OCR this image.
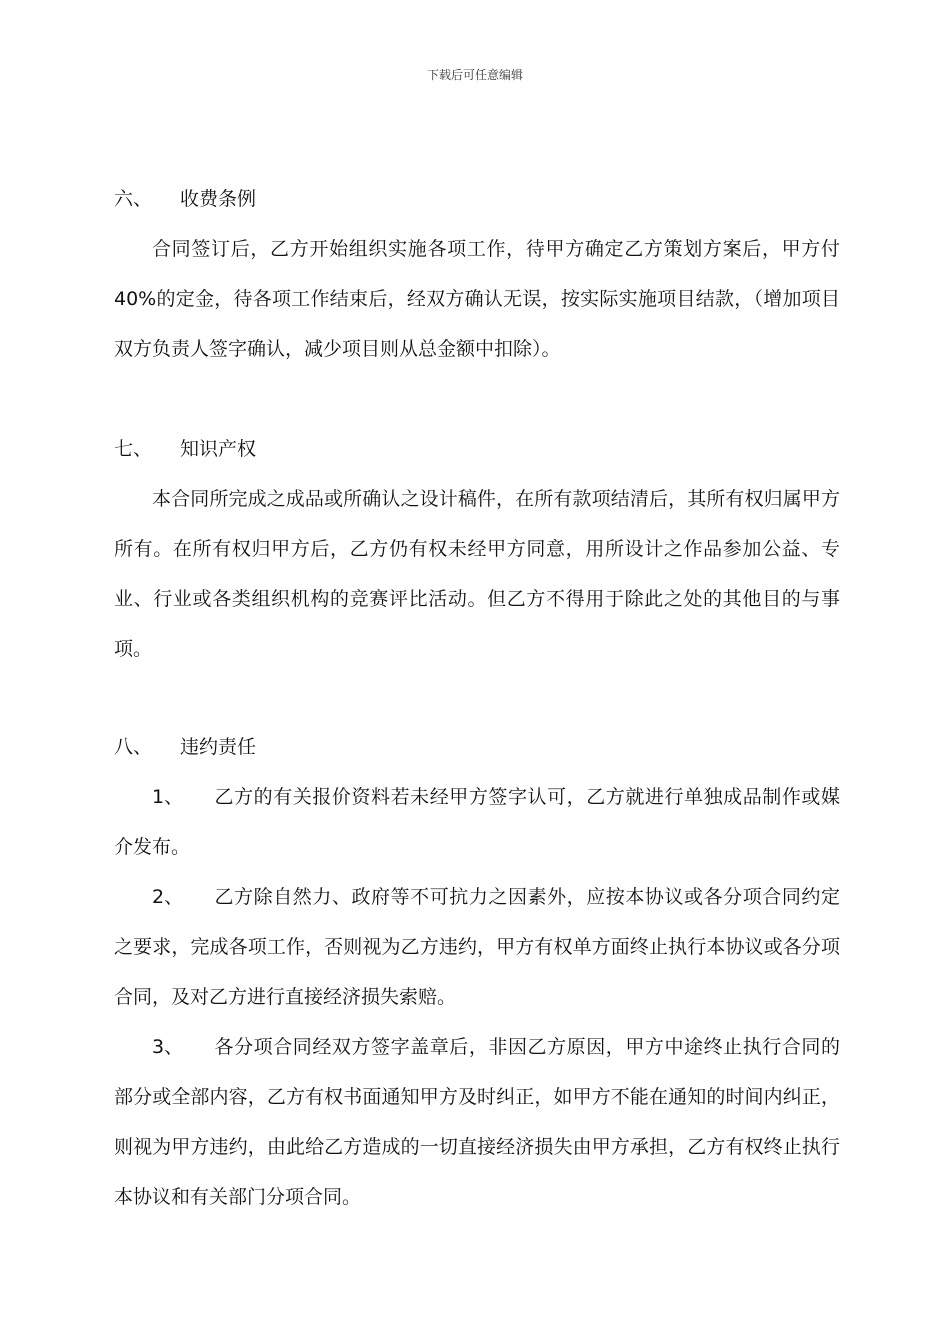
下载后可任意编辑
六、 收费条例

合同签订后，乙方开始组织实施各项工作，待甲方确定乙方策划方案后，甲方付40%的定金，待各项工作结束后，经双方确认无误，按实际实施项目结款，（增加项目双方负责人签字确认，减少项目则从总金额中扣除）。

七、 知识产权

本合同所完成之成品或所确认之设计稿件，在所有款项结清后，其所有权归属甲方所有。在所有权归甲方后，乙方仍有权未经甲方同意，用所设计之作品参加公益、专业、行业或各类组织机构的竞赛评比活动。但乙方不得用于除此之处的其他目的与事项。

八、 违约责任

1、 乙方的有关报价资料若未经甲方签字认可，乙方就进行单独成品制作或媒介发布。

2、 乙方除自然力、政府等不可抗力之因素外，应按本协议或各分项合同约定之要求，完成各项工作，否则视为乙方违约，甲方有权单方面终止执行本协议或各分项合同，及对乙方进行直接经济损失索赔。

3、 各分项合同经双方签字盖章后，非因乙方原因，甲方中途终止执行合同的部分或全部内容，乙方有权书面通知甲方及时纠正，如甲方不能在通知的时间内纠正，则视为甲方违约，由此给乙方造成的一切直接经济损失由甲方承担，乙方有权终止执行本协议和有关部门分项合同。
